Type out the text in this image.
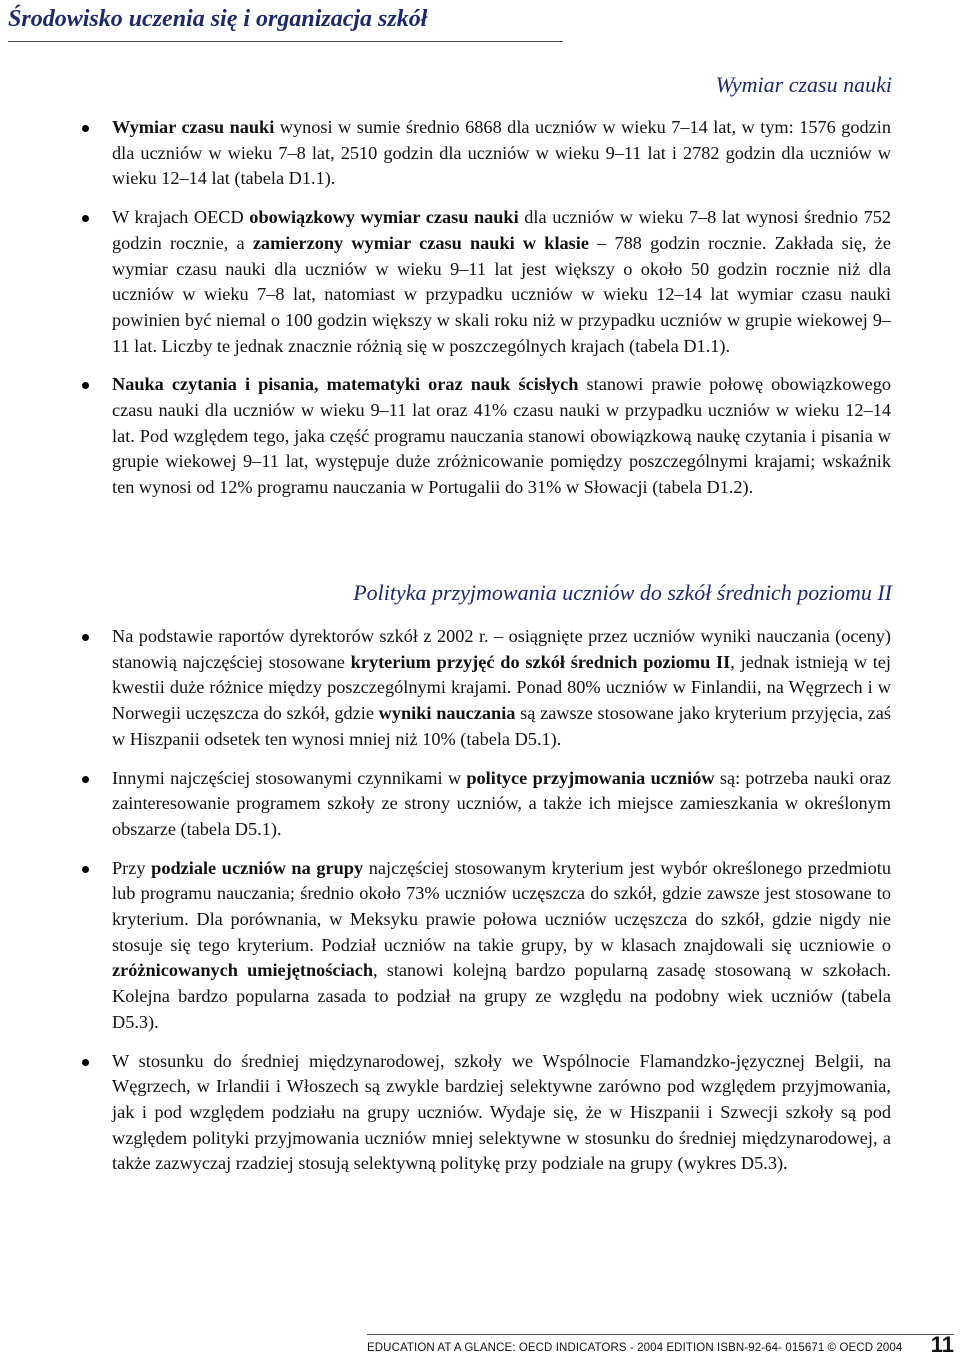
Środowisko uczenia się i organizacja szkół
Wymiar czasu nauki
Wymiar czasu nauki wynosi w sumie średnio 6868 dla uczniów w wieku 7–14 lat, w tym: 1576 godzin dla uczniów w wieku 7–8 lat, 2510 godzin dla uczniów w wieku 9–11 lat i 2782 godzin dla uczniów w wieku 12–14 lat (tabela D1.1).
W krajach OECD obowiązkowy wymiar czasu nauki dla uczniów w wieku 7–8 lat wynosi średnio 752 godzin rocznie, a zamierzony wymiar czasu nauki w klasie – 788 godzin rocznie. Zakłada się, że wymiar czasu nauki dla uczniów w wieku 9–11 lat jest większy o około 50 godzin rocznie niż dla uczniów w wieku 7–8 lat, natomiast w przypadku uczniów w wieku 12–14 lat wymiar czasu nauki powinien być niemal o 100 godzin większy w skali roku niż w przypadku uczniów w grupie wiekowej 9–11 lat. Liczby te jednak znacznie różnią się w poszczególnych krajach (tabela D1.1).
Nauka czytania i pisania, matematyki oraz nauk ścisłych stanowi prawie połowę obowiązkowego czasu nauki dla uczniów w wieku 9–11 lat oraz 41% czasu nauki w przypadku uczniów w wieku 12–14 lat. Pod względem tego, jaka część programu nauczania stanowi obowiązkową naukę czytania i pisania w grupie wiekowej 9–11 lat, występuje duże zróżnicowanie pomiędzy poszczególnymi krajami; wskaźnik ten wynosi od 12% programu nauczania w Portugalii do 31% w Słowacji (tabela D1.2).
Polityka przyjmowania uczniów do szkół średnich poziomu II
Na podstawie raportów dyrektorów szkół z 2002 r. – osiągnięte przez uczniów wyniki nauczania (oceny) stanowią najczęściej stosowane kryterium przyjęć do szkół średnich poziomu II, jednak istnieją w tej kwestii duże różnice między poszczególnymi krajami. Ponad 80% uczniów w Finlandii, na Węgrzech i w Norwegii uczęszcza do szkół, gdzie wyniki nauczania są zawsze stosowane jako kryterium przyjęcia, zaś w Hiszpanii odsetek ten wynosi mniej niż 10% (tabela D5.1).
Innymi najczęściej stosowanymi czynnikami w polityce przyjmowania uczniów są: potrzeba nauki oraz zainteresowanie programem szkoły ze strony uczniów, a także ich miejsce zamieszkania w określonym obszarze (tabela D5.1).
Przy podziale uczniów na grupy najczęściej stosowanym kryterium jest wybór określonego przedmiotu lub programu nauczania; średnio około 73% uczniów uczęszcza do szkół, gdzie zawsze jest stosowane to kryterium. Dla porównania, w Meksyku prawie połowa uczniów uczęszcza do szkół, gdzie nigdy nie stosuje się tego kryterium. Podział uczniów na takie grupy, by w klasach znajdowali się uczniowie o zróżnicowanych umiejętnościach, stanowi kolejną bardzo popularną zasadę stosowaną w szkołach. Kolejna bardzo popularna zasada to podział na grupy ze względu na podobny wiek uczniów (tabela D5.3).
W stosunku do średniej międzynarodowej, szkoły we Wspólnocie Flamandzko-języcznej Belgii, na Węgrzech, w Irlandii i Włoszech są zwykle bardziej selektywne zarówno pod względem przyjmowania, jak i pod względem podziału na grupy uczniów. Wydaje się, że w Hiszpanii i Szwecji szkoły są pod względem polityki przyjmowania uczniów mniej selektywne w stosunku do średniej międzynarodowej, a także zazwyczaj rzadziej stosują selektywną politykę przy podziale na grupy (wykres D5.3).
EDUCATION AT A GLANCE: OECD INDICATORS - 2004 EDITION ISBN-92-64- 015671 © OECD 2004 11
